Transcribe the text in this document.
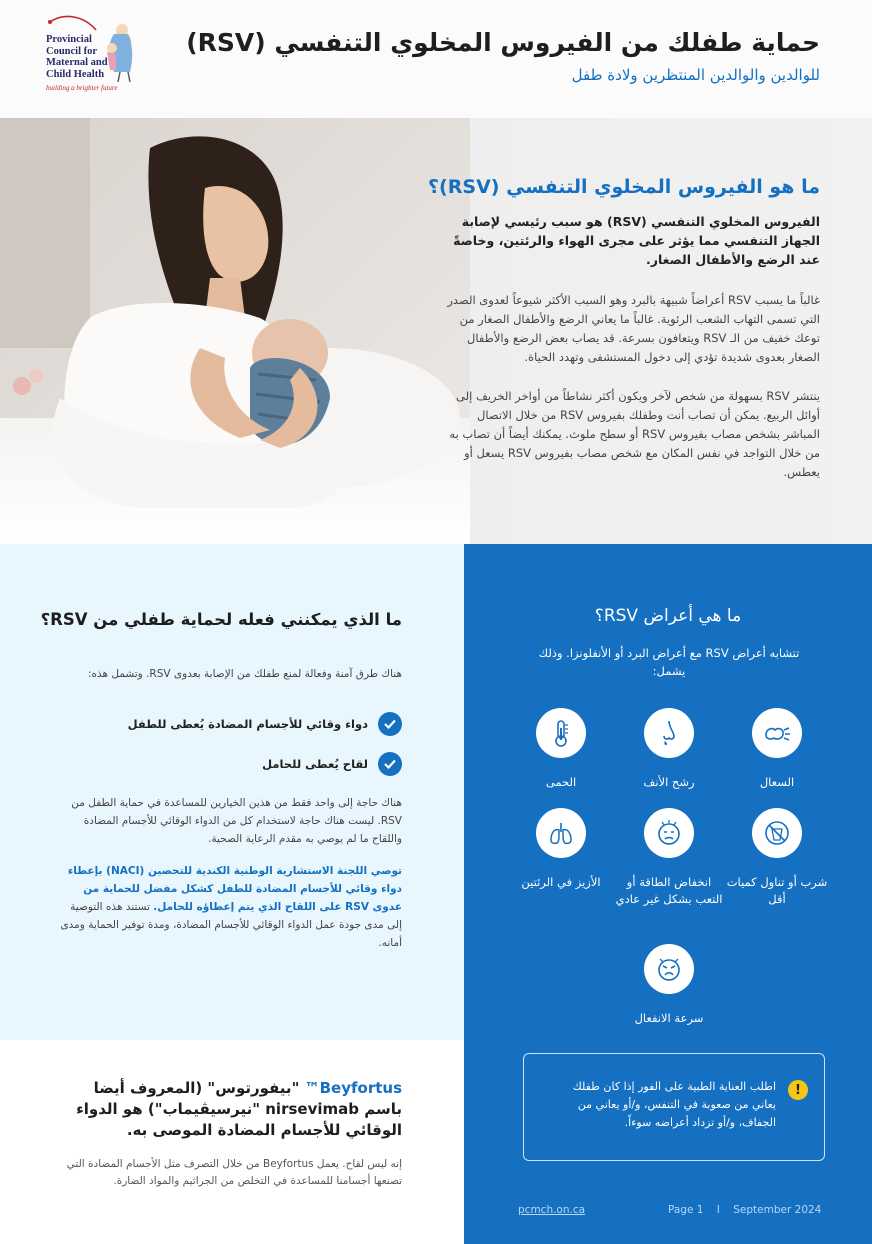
Provincial
Council for
Maternal and
Child Health
building a brighter future
حماية طفلك من الفيروس المخلوي التنفسي (RSV)
للوالدين والوالدين المنتظرين ولادة طفل
ما هو الفيروس المخلوي التنفسي (RSV)؟

الفيروس المخلوي التنفسي (RSV) هو سبب رئيسي لإصابة الجهاز التنفسي مما يؤثر على مجرى الهواء والرئتين، وخاصةً عند الرضع والأطفال الصغار.

غالباً ما يسبب RSV أعراضاً شبيهة بالبرد وهو السبب الأكثر شيوعاً لعدوى الصدر التي تسمى التهاب الشعب الرئوية. غالباً ما يعاني الرضع والأطفال الصغار من توعك خفيف من الـ RSV ويتعافون بسرعة. قد يصاب بعض الرضع والأطفال الصغار بعدوى شديدة تؤدي إلى دخول المستشفى وتهدد الحياة.

ينتشر RSV بسهولة من شخص لآخر ويكون أكثر نشاطاً من أواخر الخريف إلى أوائل الربيع. يمكن أن تصاب أنت وطفلك بفيروس RSV من خلال الاتصال المباشر بشخص مصاب بفيروس RSV أو سطح ملوث. يمكنك أيضاً أن تصاب به من خلال التواجد في نفس المكان مع شخص مصاب بفيروس RSV يسعل أو يعطس.

ما الذي يمكنني فعله لحماية طفلي من RSV؟

هناك طرق آمنة وفعالة لمنع طفلك من الإصابة بعدوى RSV. وتشمل هذه:

دواء وقائي للأجسام المضادة يُعطى للطفل
لقاح يُعطى للحامل

هناك حاجة إلى واحد فقط من هذين الخيارين للمساعدة في حماية الطفل من RSV. ليست هناك حاجة لاستخدام كل من الدواء الوقائي للأجسام المضادة واللقاح ما لم يوصي به مقدم الرعاية الصحية.

توصي اللجنة الاستشارية الوطنية الكندية للتحصين (NACI) بإعطاء دواء وقائي للأجسام المضادة للطفل كشكل مفضل للحماية من عدوى RSV على اللقاح الذي يتم إعطاؤه للحامل. تستند هذه التوصية إلى مدى جودة عمل الدواء الوقائي للأجسام المضادة، ومدة توفير الحماية ومدى أمانه.

Beyfortus™ "بيفورتوس" (المعروف أيضا باسم nirsevimab "نيرسيڤيماب") هو الدواء الوقائي للأجسام المضادة الموصى به.

إنه ليس لقاح. يعمل Beyfortus من خلال التصرف مثل الأجسام المضادة التي تصنعها أجسامنا للمساعدة في التخلص من الجراثيم والمواد الضارة.

ما هي أعراض RSV؟

تتشابه أعراض RSV مع أعراض البرد أو الأنفلونزا. وذلك يشمل:

السعال
رشح الأنف
الحمى
شرب أو تناول كميات أقل
انخفاض الطاقة أو التعب بشكل غير عادي
الأزيز في الرئتين
سرعة الانفعال
!

اطلب العناية الطبية على الفور إذا كان طفلك يعاني من صعوبة في التنفس، و/أو يعاني من الجفاف، و/أو تزداد أعراضه سوءاً.

pcmch.on.ca	Page 1 I September 2024
